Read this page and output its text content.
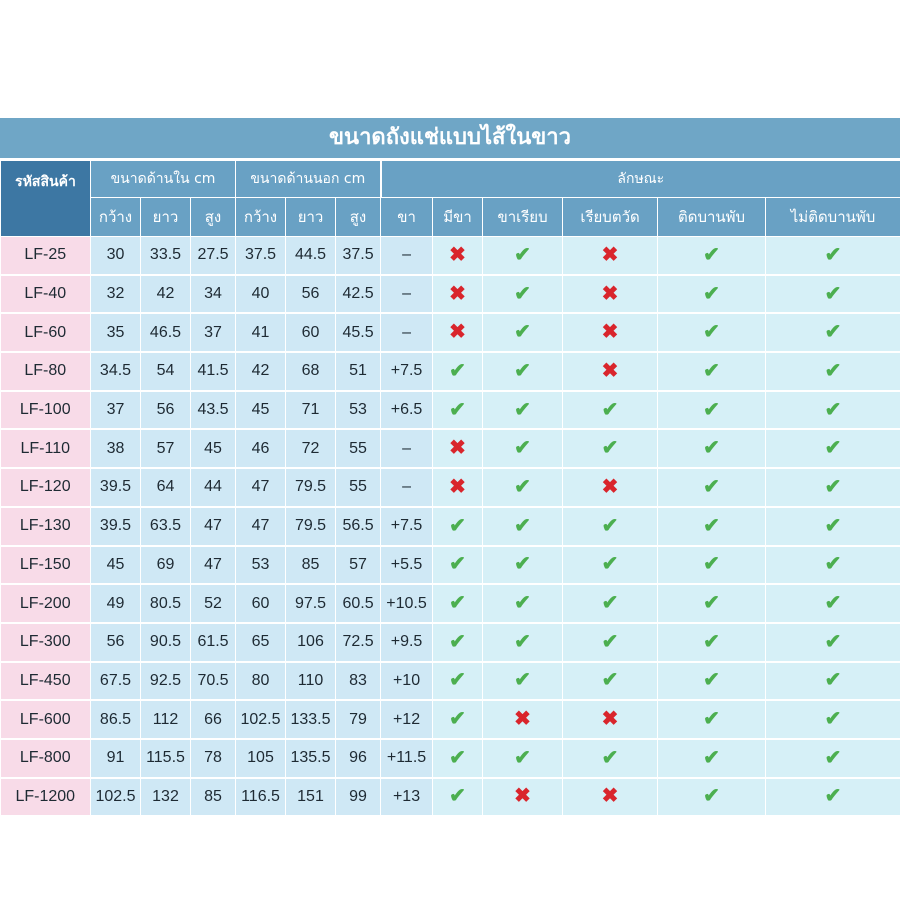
ขนาดถังแช่แบบไส้ในขาว
รหัสสินค้า	ขนาดด้านใน cm			ขนาดด้านนอก cm			ลักษณะ					
	กว้าง	ยาว	สูง	กว้าง	ยาว	สูง	ขา	มีขา	ขาเรียบ	เรียบตวัด	ติดบานพับ	ไม่ติดบานพับ
LF-25	30	33.5	27.5	37.5	44.5	37.5	–	✖	✔	✖	✔	✔
LF-40	32	42	34	40	56	42.5	–	✖	✔	✖	✔	✔
LF-60	35	46.5	37	41	60	45.5	–	✖	✔	✖	✔	✔
LF-80	34.5	54	41.5	42	68	51	+7.5	✔	✔	✖	✔	✔
LF-100	37	56	43.5	45	71	53	+6.5	✔	✔	✔	✔	✔
LF-110	38	57	45	46	72	55	–	✖	✔	✔	✔	✔
LF-120	39.5	64	44	47	79.5	55	–	✖	✔	✖	✔	✔
LF-130	39.5	63.5	47	47	79.5	56.5	+7.5	✔	✔	✔	✔	✔
LF-150	45	69	47	53	85	57	+5.5	✔	✔	✔	✔	✔
LF-200	49	80.5	52	60	97.5	60.5	+10.5	✔	✔	✔	✔	✔
LF-300	56	90.5	61.5	65	106	72.5	+9.5	✔	✔	✔	✔	✔
LF-450	67.5	92.5	70.5	80	110	83	+10	✔	✔	✔	✔	✔
LF-600	86.5	112	66	102.5	133.5	79	+12	✔	✖	✖	✔	✔
LF-800	91	115.5	78	105	135.5	96	+11.5	✔	✔	✔	✔	✔
LF-1200	102.5	132	85	116.5	151	99	+13	✔	✖	✖	✔	✔
